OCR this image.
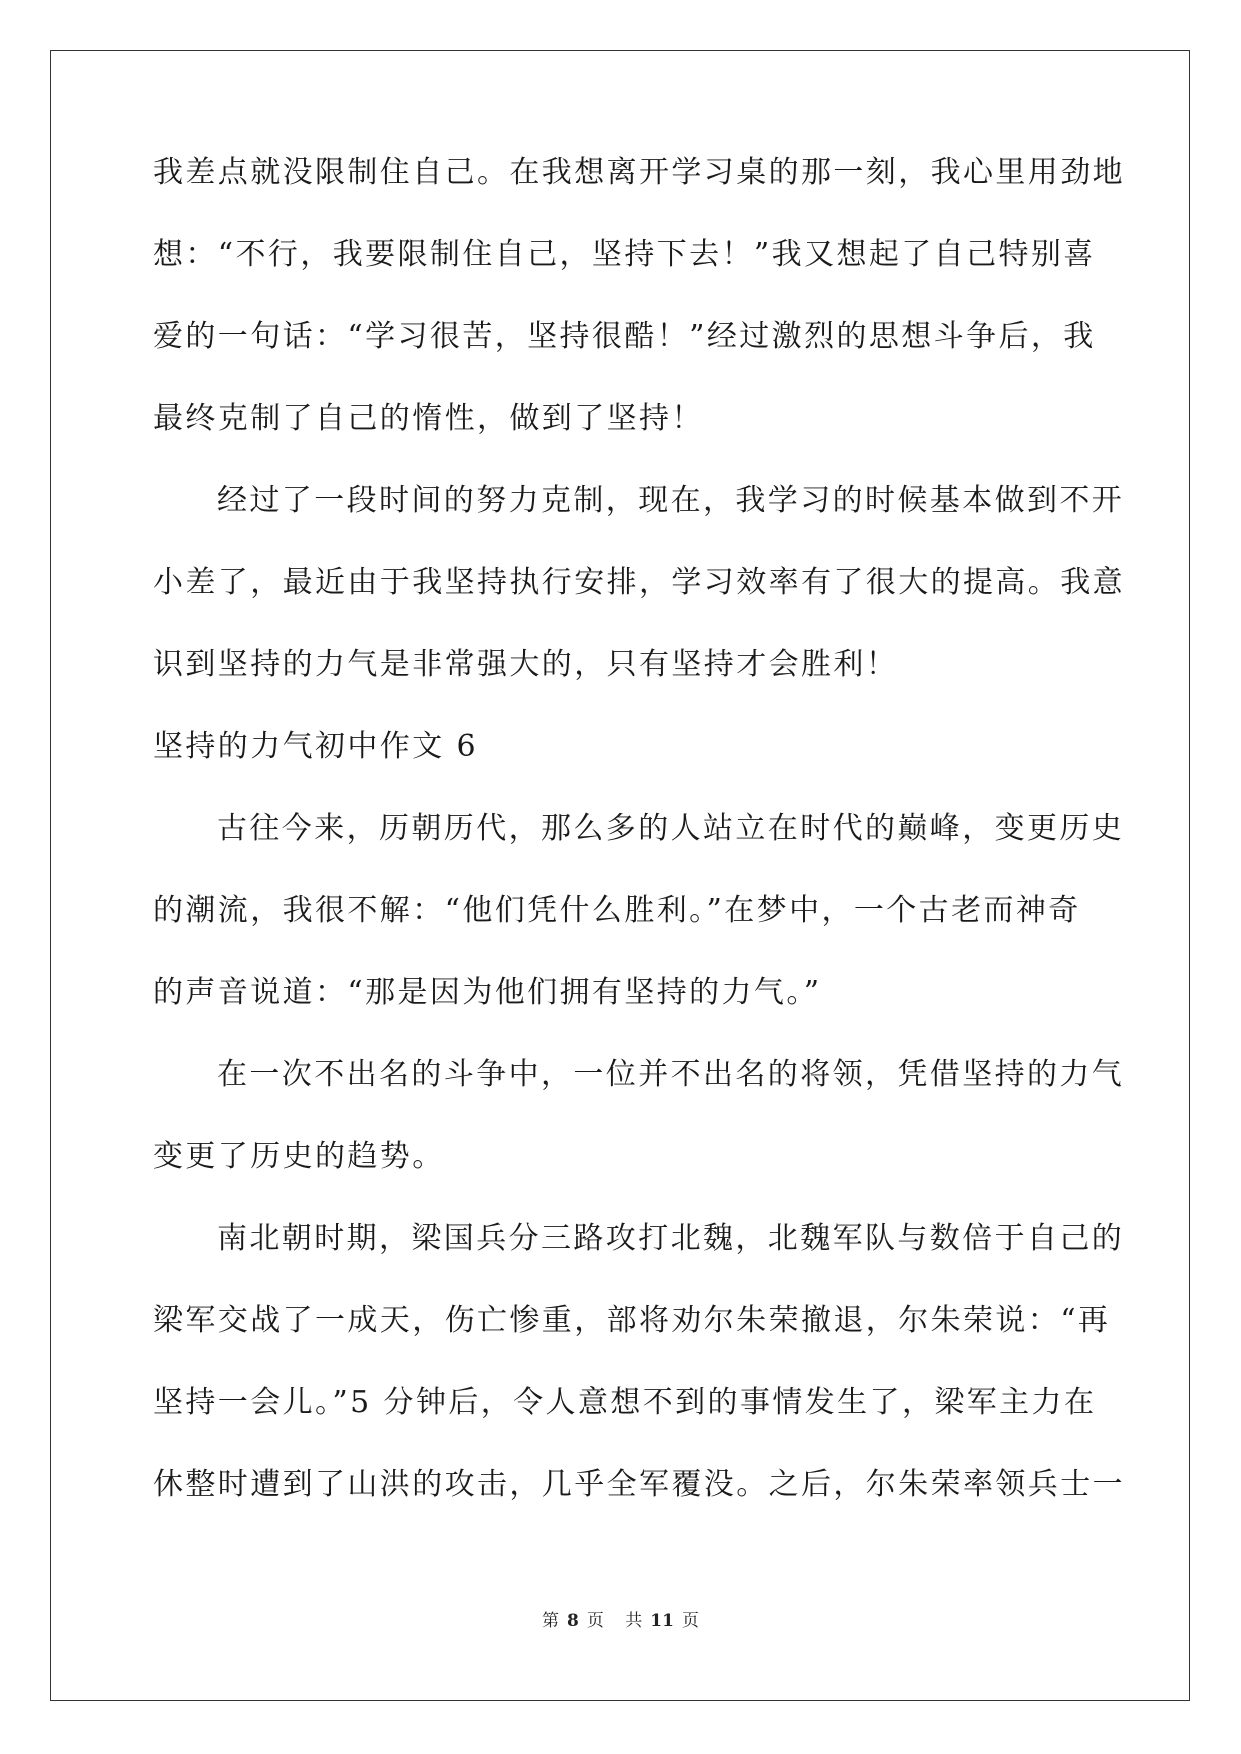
我差点就没限制住自己。在我想离开学习桌的那一刻，我心里用劲地
想：“不行，我要限制住自己，坚持下去！”我又想起了自己特别喜
爱的一句话：“学习很苦，坚持很酷！”经过激烈的思想斗争后，我
最终克制了自己的惰性，做到了坚持！
经过了一段时间的努力克制，现在，我学习的时候基本做到不开
小差了，最近由于我坚持执行安排，学习效率有了很大的提高。我意
识到坚持的力气是非常强大的，只有坚持才会胜利！
坚持的力气初中作文 6
古往今来，历朝历代，那么多的人站立在时代的巅峰，变更历史
的潮流，我很不解：“他们凭什么胜利。”在梦中，一个古老而神奇
的声音说道：“那是因为他们拥有坚持的力气。”
在一次不出名的斗争中，一位并不出名的将领，凭借坚持的力气
变更了历史的趋势。
南北朝时期，梁国兵分三路攻打北魏，北魏军队与数倍于自己的
梁军交战了一成天，伤亡惨重，部将劝尔朱荣撤退，尔朱荣说：“再
坚持一会儿。”5 分钟后，令人意想不到的事情发生了，梁军主力在
休整时遭到了山洪的攻击，几乎全军覆没。之后，尔朱荣率领兵士一
第 8 页 共 11 页
